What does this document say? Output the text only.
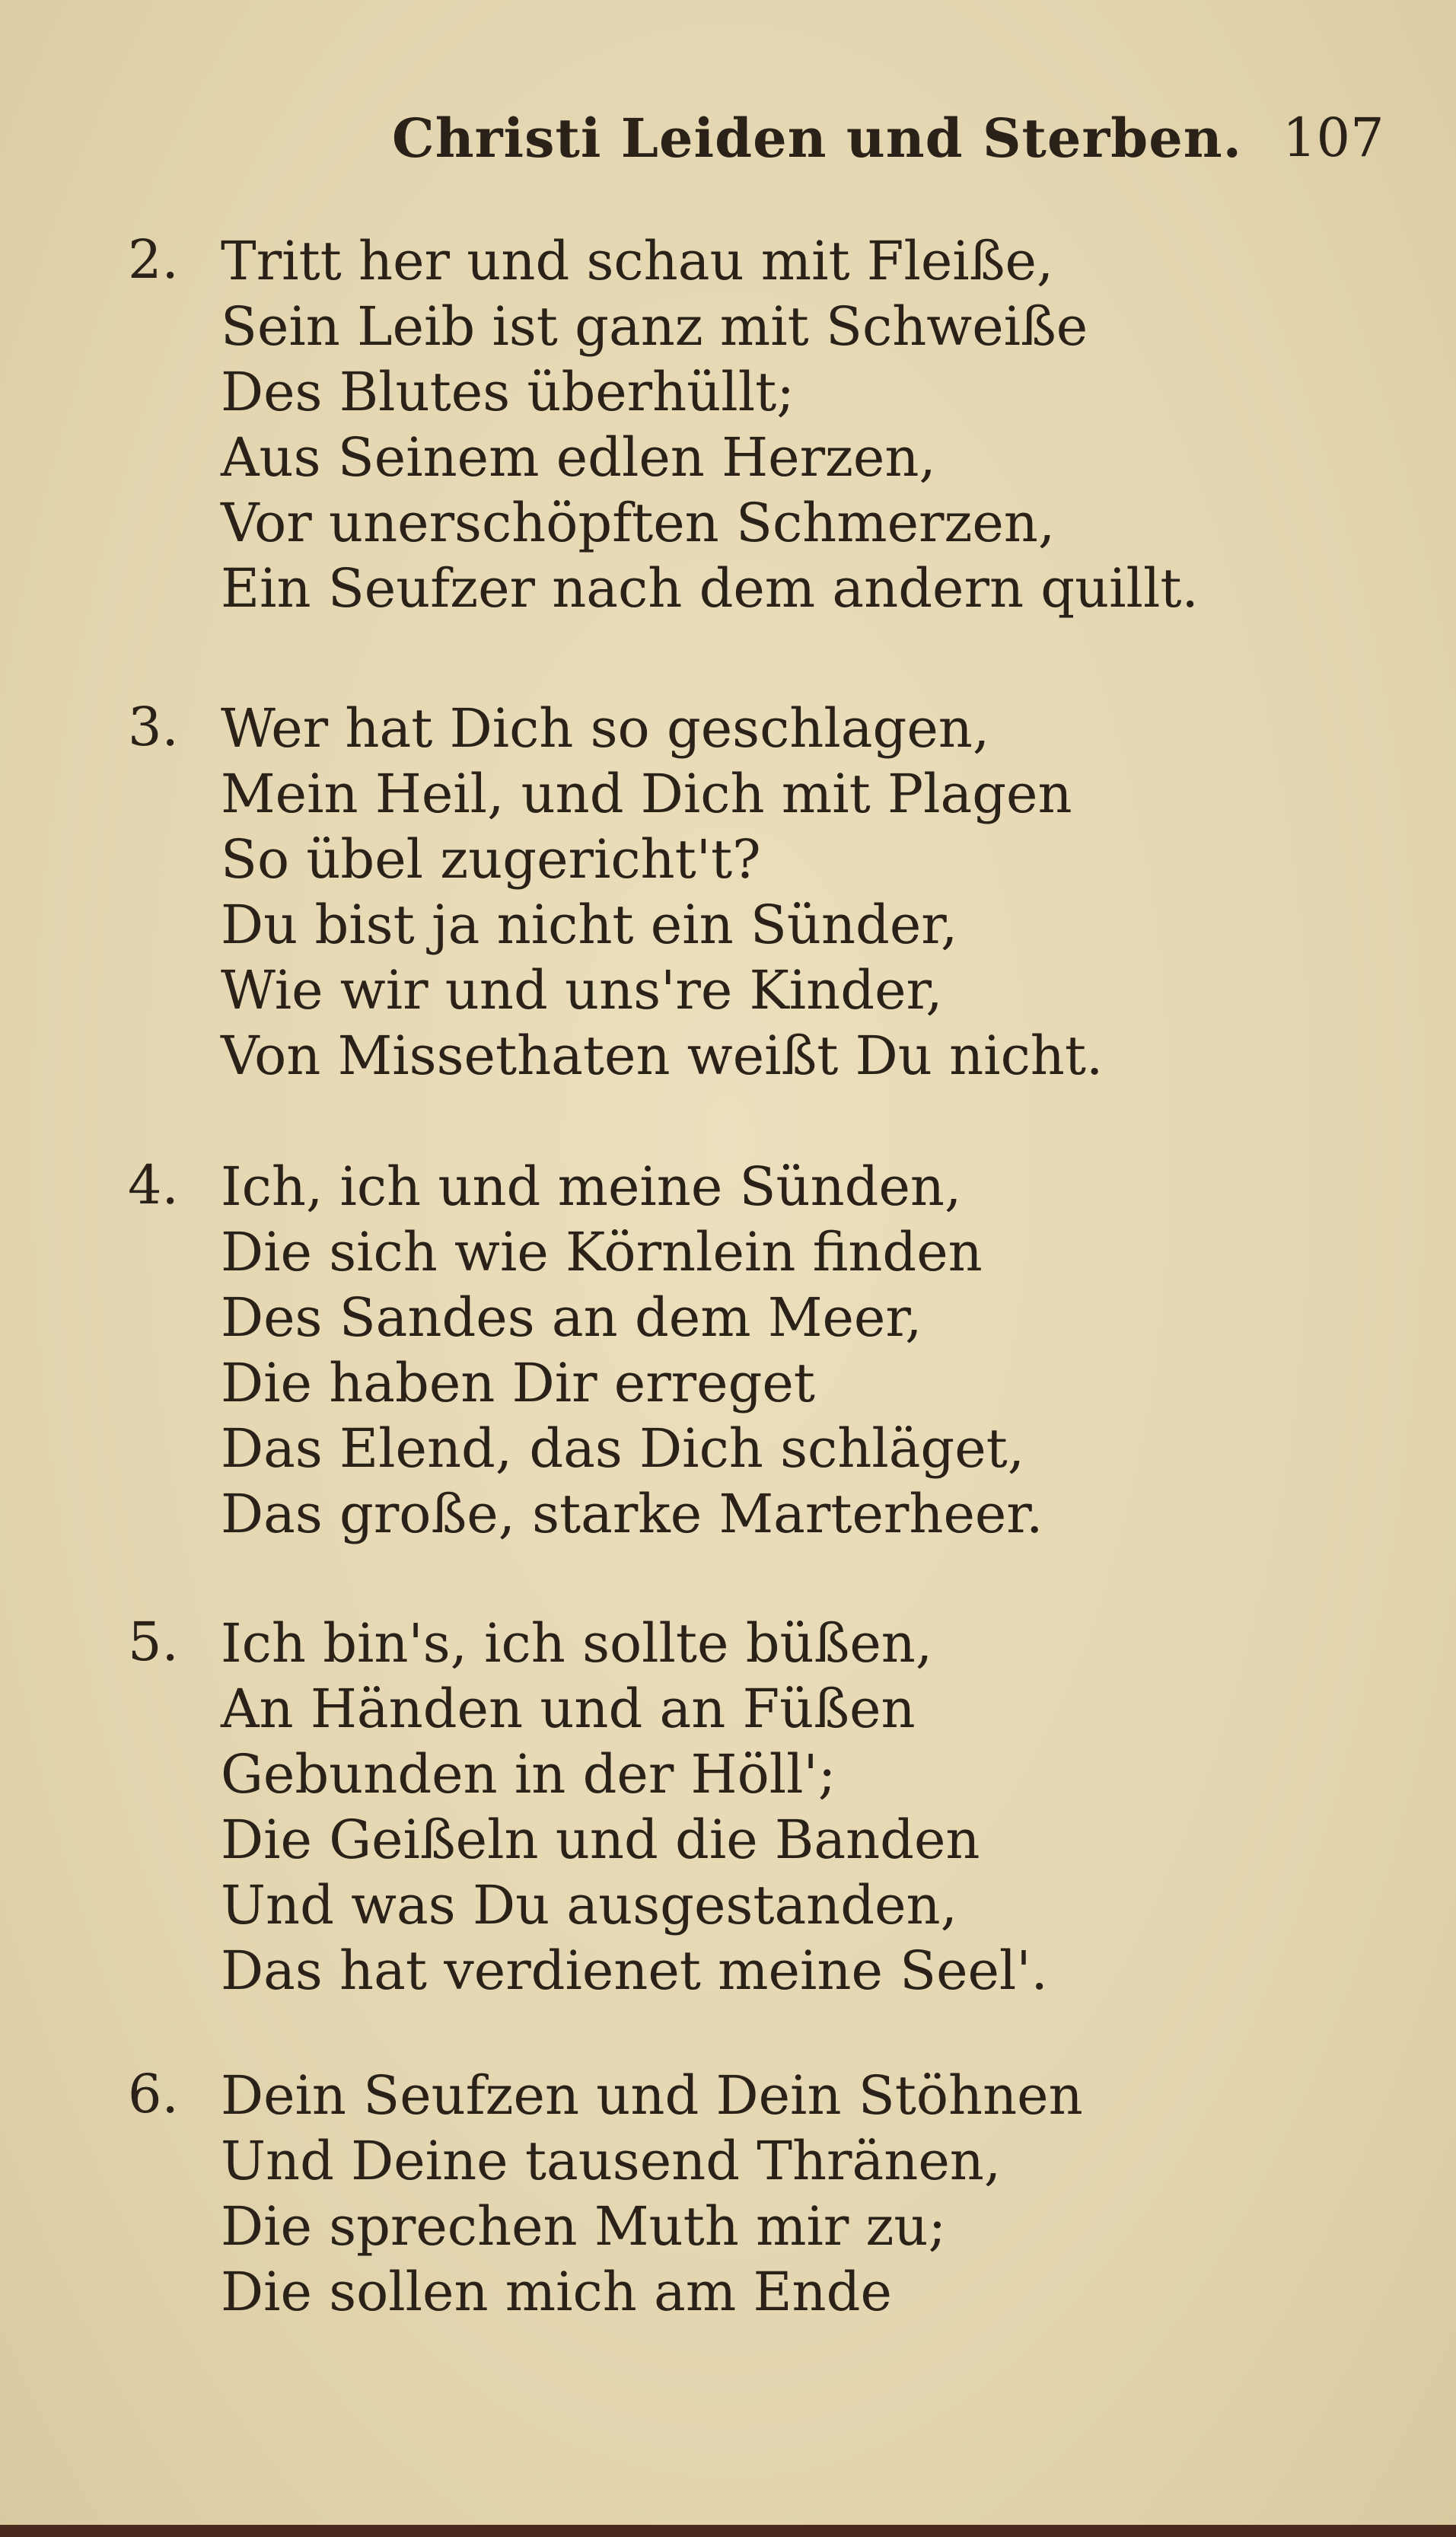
Christi Leiden und Sterben. 107
2. Tritt her und schau mit Fleiße,
Sein Leib ist ganz mit Schweiße
Des Blutes überhüllt;
Aus Seinem edlen Herzen,
Vor unerschöpften Schmerzen,
Ein Seufzer nach dem andern quillt.
3. Wer hat Dich so geschlagen,
Mein Heil, und Dich mit Plagen
So übel zugericht't?
Du bist ja nicht ein Sünder,
Wie wir und uns're Kinder,
Von Missethaten weißt Du nicht.
4. Ich, ich und meine Sünden,
Die sich wie Körnlein finden
Des Sandes an dem Meer,
Die haben Dir erreget
Das Elend, das Dich schläget,
Das große, starke Marterheer.
5. Ich bin's, ich sollte büßen,
An Händen und an Füßen
Gebunden in der Höll';
Die Geißeln und die Banden
Und was Du ausgestanden,
Das hat verdienet meine Seel'.
6. Dein Seufzen und Dein Stöhnen
Und Deine tausend Thränen,
Die sprechen Muth mir zu;
Die sollen mich am Ende
